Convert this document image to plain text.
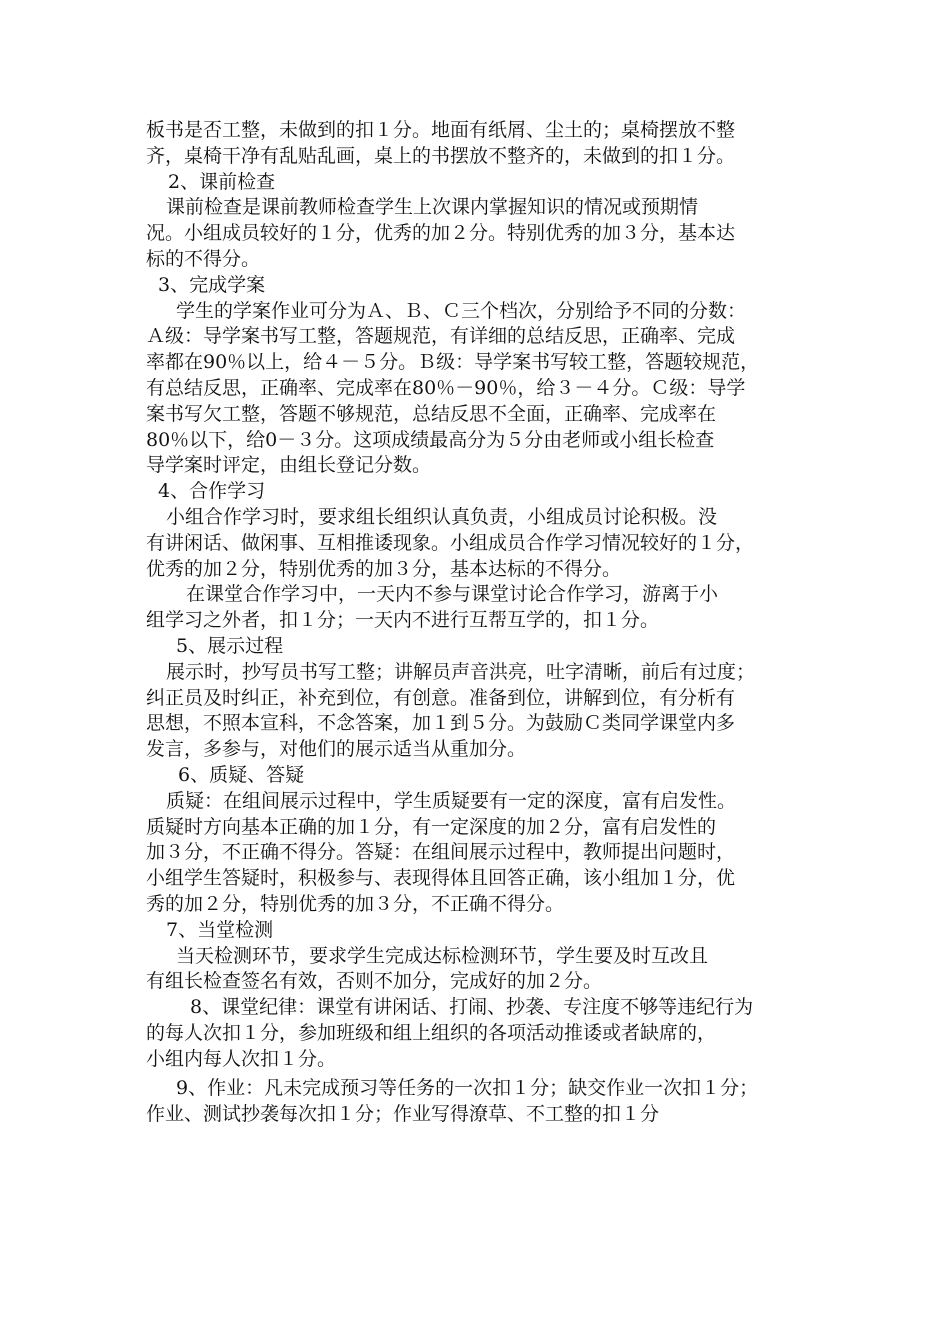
板书是否工整，未做到的扣１分。地面有纸屑、尘土的；桌椅摆放不整
齐，桌椅干净有乱贴乱画，桌上的书摆放不整齐的，未做到的扣１分。
2、课前检查
课前检查是课前教师检查学生上次课内掌握知识的情况或预期情
况。小组成员较好的１分，优秀的加２分。特别优秀的加３分，基本达
标的不得分。
3、完成学案
学生的学案作业可分为Ａ、Ｂ、Ｃ三个档次，分别给予不同的分数：
Ａ级：导学案书写工整，答题规范，有详细的总结反思，正确率、完成
率都在90％以上，给４－５分。Ｂ级：导学案书写较工整，答题较规范，
有总结反思，正确率、完成率在80％－90％，给３－４分。Ｃ级：导学
案书写欠工整，答题不够规范，总结反思不全面，正确率、完成率在
80％以下，给0－３分。这项成绩最高分为５分由老师或小组长检查
导学案时评定，由组长登记分数。
4、合作学习
小组合作学习时，要求组长组织认真负责，小组成员讨论积极。没
有讲闲话、做闲事、互相推诿现象。小组成员合作学习情况较好的１分，
优秀的加２分，特别优秀的加３分，基本达标的不得分。
在课堂合作学习中，一天内不参与课堂讨论合作学习，游离于小
组学习之外者，扣１分；一天内不进行互帮互学的，扣１分。
5、展示过程
展示时，抄写员书写工整；讲解员声音洪亮，吐字清晰，前后有过度；
纠正员及时纠正，补充到位，有创意。准备到位，讲解到位，有分析有
思想，不照本宣科，不念答案，加１到５分。为鼓励Ｃ类同学课堂内多
发言，多参与，对他们的展示适当从重加分。
6、质疑、答疑
质疑：在组间展示过程中，学生质疑要有一定的深度，富有启发性。
质疑时方向基本正确的加１分，有一定深度的加２分，富有启发性的
加３分，不正确不得分。答疑：在组间展示过程中，教师提出问题时，
小组学生答疑时，积极参与、表现得体且回答正确，该小组加１分，优
秀的加２分，特别优秀的加３分，不正确不得分。
7、当堂检测
当天检测环节，要求学生完成达标检测环节，学生要及时互改且
有组长检查签名有效，否则不加分，完成好的加２分。
8、课堂纪律：课堂有讲闲话、打闹、抄袭、专注度不够等违纪行为
的每人次扣１分，参加班级和组上组织的各项活动推诿或者缺席的，
小组内每人次扣１分。
9、作业：凡未完成预习等任务的一次扣１分；缺交作业一次扣１分；
作业、测试抄袭每次扣１分；作业写得潦草、不工整的扣１分
